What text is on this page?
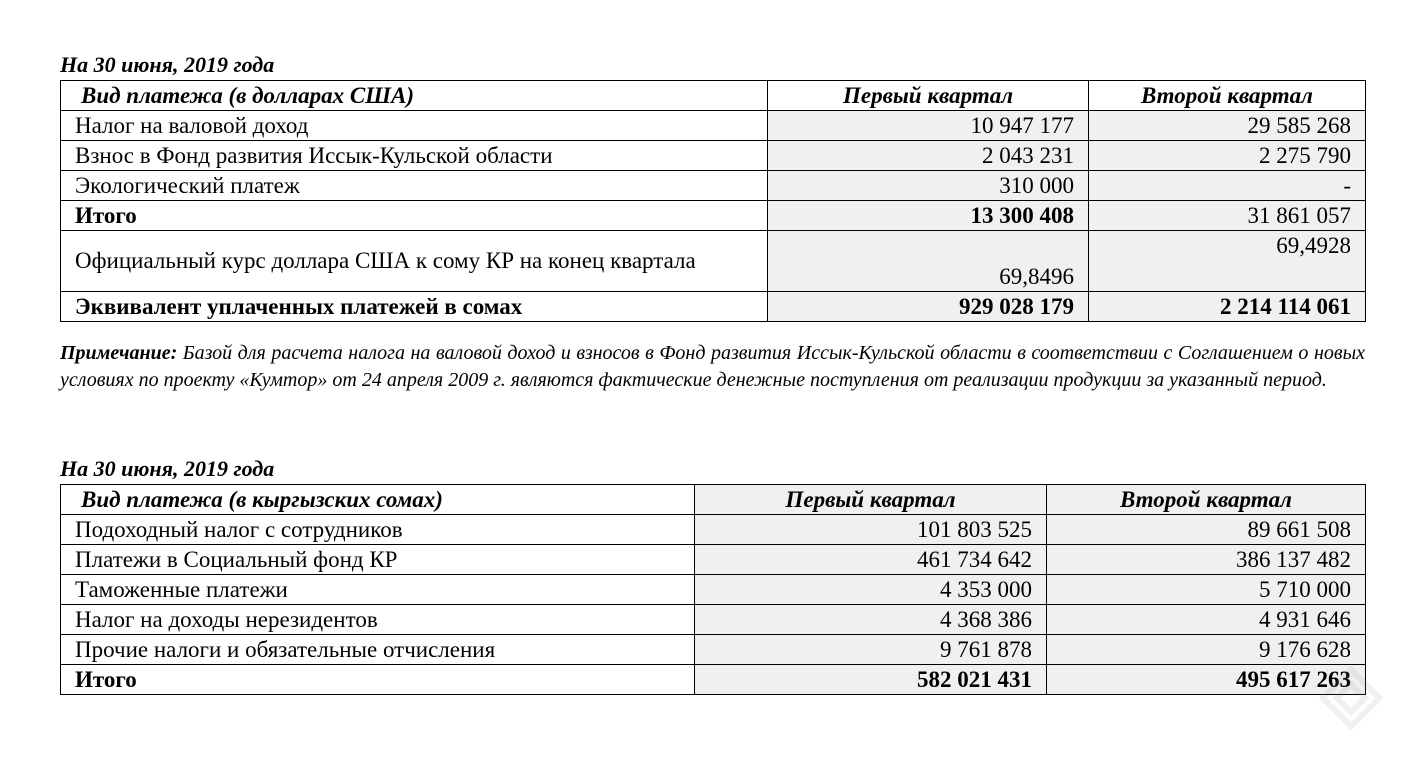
На 30 июня, 2019 года

Вид платежа (в долларах США)	Первый квартал	Второй квартал
Налог на валовой доход	10 947 177	29 585 268
Взнос в Фонд развития Иссык-Кульской области	2 043 231	2 275 790
Экологический платеж	310 000	-
Итого	13 300 408	31 861 057
Официальный курс доллара США к сому КР на конец квартала	69,8496	69,4928
Эквивалент уплаченных платежей в сомах	929 028 179	2 214 114 061

Примечание: Базой для расчета налога на валовой доход и взносов в Фонд развития Иссык-Кульской области в соответствии с Соглашением о новых условиях по проекту «Кумтор» от 24 апреля 2009 г. являются фактические денежные поступления от реализации продукции за указанный период.

На 30 июня, 2019 года

Вид платежа (в кыргызских сомах)	Первый квартал	Второй квартал
Подоходный налог с сотрудников	101 803 525	89 661 508
Платежи в Социальный фонд КР	461 734 642	386 137 482
Таможенные платежи	4 353 000	5 710 000
Налог на доходы нерезидентов	4 368 386	4 931 646
Прочие налоги и обязательные отчисления	9 761 878	9 176 628
Итого	582 021 431	495 617 263
